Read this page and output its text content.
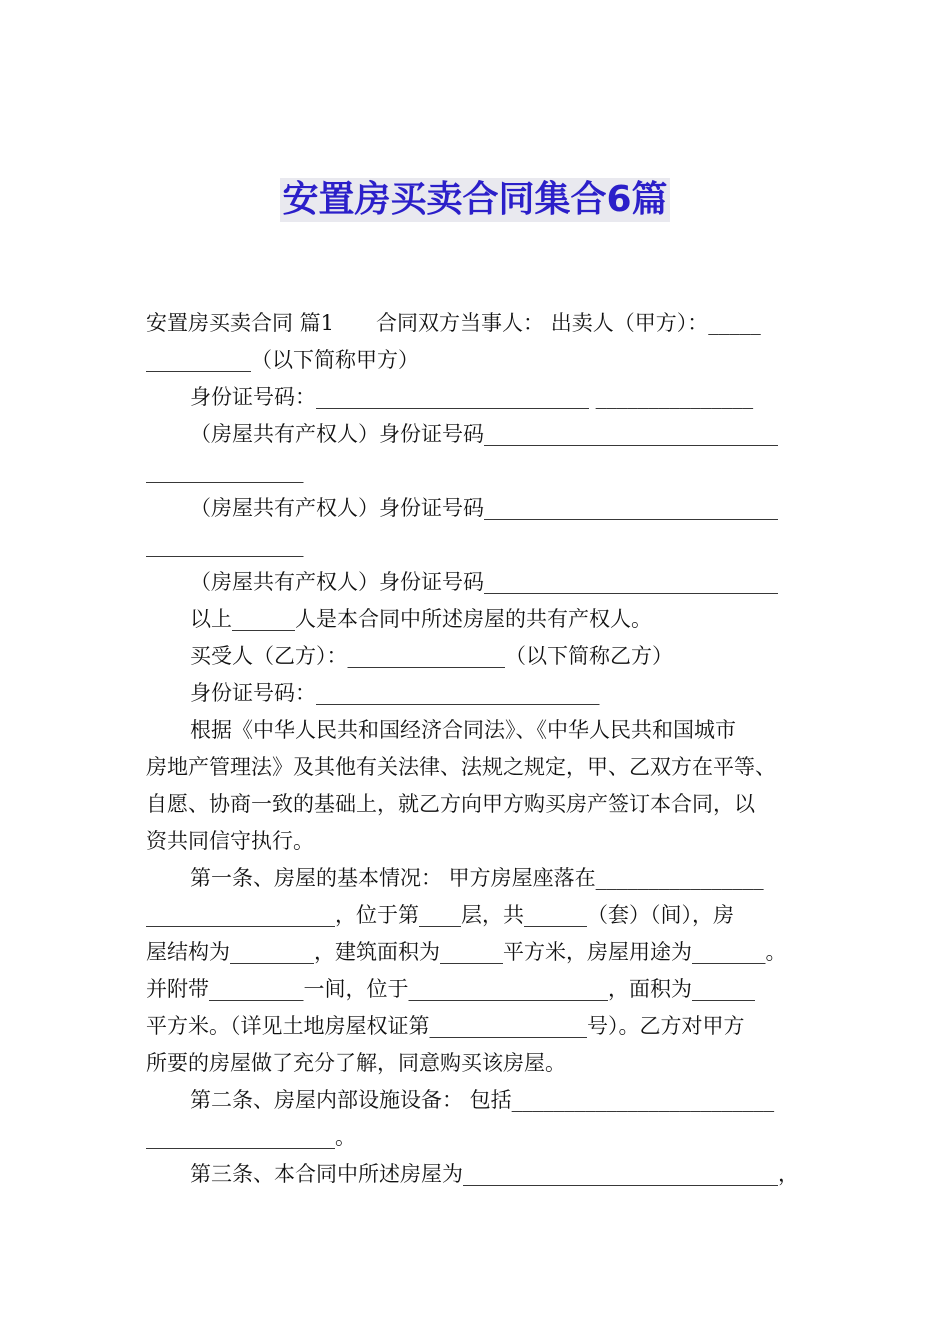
安置房买卖合同集合6篇

安置房买卖合同 篇1　　合同双方当事人： 出卖人（甲方）：_____

__________（以下简称甲方）

身份证号码：__________________________ _______________

（房屋共有产权人）身份证号码____________________________

_______________

（房屋共有产权人）身份证号码____________________________

_______________

（房屋共有产权人）身份证号码____________________________

以上______人是本合同中所述房屋的共有产权人。

买受人（乙方）：_______________（以下简称乙方）

身份证号码：___________________________

根据《中华人民共和国经济合同法》、《中华人民共和国城市

房地产管理法》及其他有关法律、法规之规定，甲、乙双方在平等、

自愿、协商一致的基础上，就乙方向甲方购买房产签订本合同，以

资共同信守执行。

第一条、房屋的基本情况： 甲方房屋座落在________________

__________________，位于第____层，共______（套）（间），房

屋结构为________，建筑面积为______平方米，房屋用途为_______。

并附带_________一间，位于___________________，面积为______

平方米。（详见土地房屋权证第_______________号）。乙方对甲方

所要的房屋做了充分了解，同意购买该房屋。

第二条、房屋内部设施设备： 包括_________________________

__________________。

第三条、本合同中所述房屋为______________________________，
